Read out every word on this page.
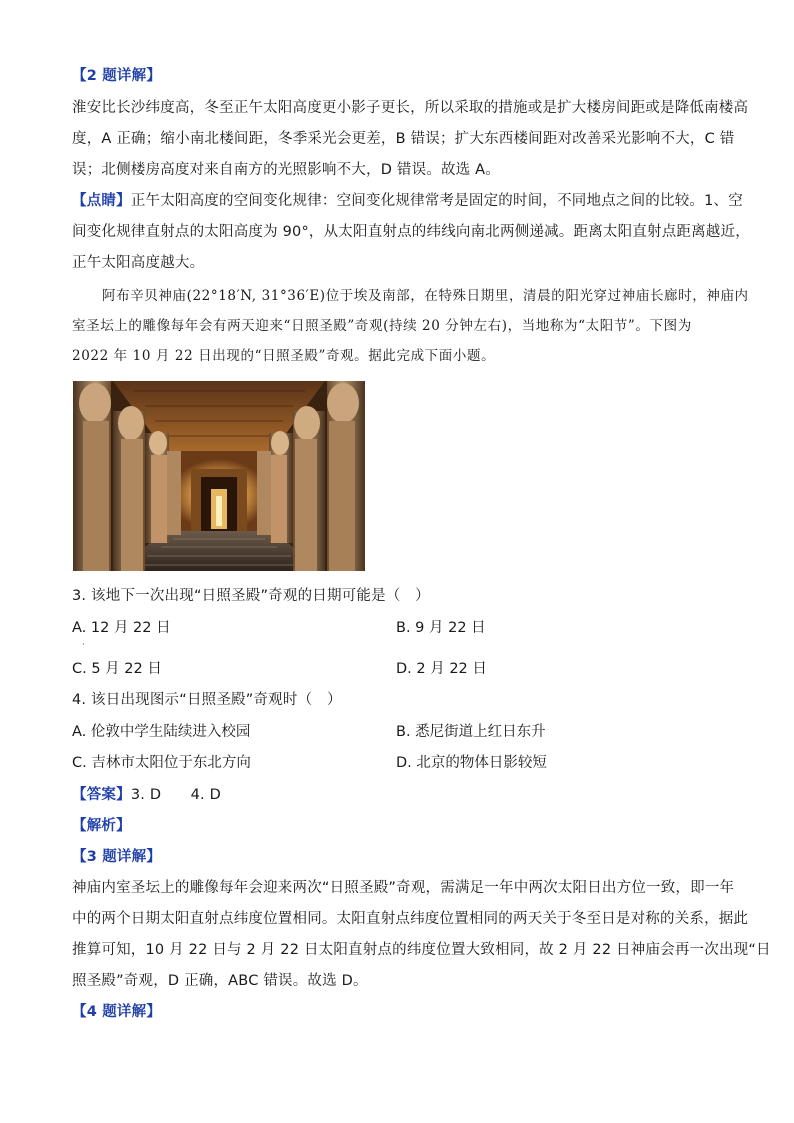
【2 题详解】
淮安比长沙纬度高，冬至正午太阳高度更小影子更长，所以采取的措施或是扩大楼房间距或是降低南楼高
度，A 正确；缩小南北楼间距，冬季采光会更差，B 错误；扩大东西楼间距对改善采光影响不大，C 错
误；北侧楼房高度对来自南方的光照影响不大，D 错误。故选 A。
【点睛】正午太阳高度的空间变化规律：空间变化规律常考是固定的时间，不同地点之间的比较。1、空
间变化规律直射点的太阳高度为 90°，从太阳直射点的纬线向南北两侧递减。距离太阳直射点距离越近，
正午太阳高度越大。
阿布辛贝神庙(22°18′N, 31°36′E)位于埃及南部，在特殊日期里，清晨的阳光穿过神庙长廊时，神庙内
室圣坛上的雕像每年会有两天迎来“日照圣殿”奇观(持续 20 分钟左右)，当地称为“太阳节”。下图为
2022 年 10 月 22 日出现的“日照圣殿”奇观。据此完成下面小题。
3. 该地下一次出现“日照圣殿”奇观的日期可能是（　）
A. 12 月 22 日	B. 9 月 22 日
·
C. 5 月 22 日	D. 2 月 22 日
4. 该日出现图示“日照圣殿”奇观时（　）
A. 伦敦中学生陆续进入校园	B. 悉尼街道上红日东升
C. 吉林市太阳位于东北方向	D. 北京的物体日影较短
【答案】3. D　　4. D
【解析】
【3 题详解】
神庙内室圣坛上的雕像每年会迎来两次“日照圣殿”奇观，需满足一年中两次太阳日出方位一致，即一年
中的两个日期太阳直射点纬度位置相同。太阳直射点纬度位置相同的两天关于冬至日是对称的关系，据此
推算可知，10 月 22 日与 2 月 22 日太阳直射点的纬度位置大致相同，故 2 月 22 日神庙会再一次出现“日
照圣殿”奇观，D 正确，ABC 错误。故选 D。
【4 题详解】
